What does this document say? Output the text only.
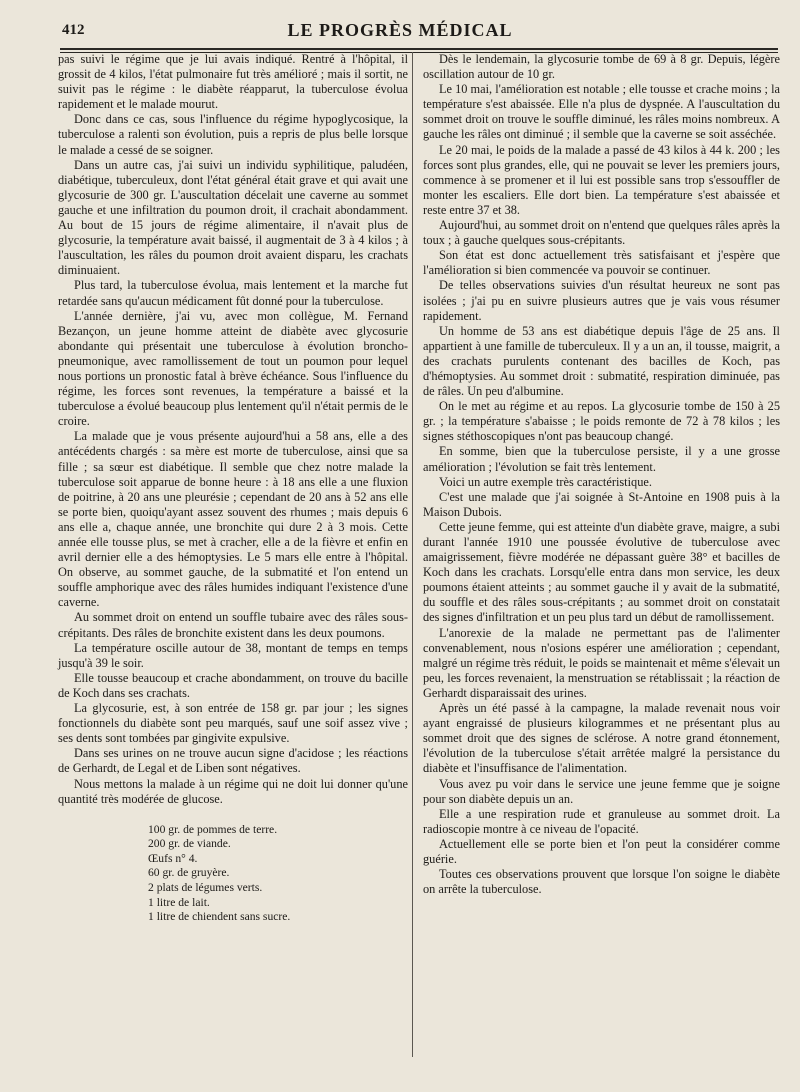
412	LE PROGRÈS MÉDICAL

pas suivi le régime que je lui avais indiqué. Rentré à l'hôpital, il grossit de 4 kilos, l'état pulmonaire fut très amélioré ; mais il sortit, ne suivit pas le régime : le diabète réapparut, la tuberculose évolua rapidement et le malade mourut.

Donc dans ce cas, sous l'influence du régime hypoglycosique, la tuberculose a ralenti son évolution, puis a repris de plus belle lorsque le malade a cessé de se soigner.

Dans un autre cas, j'ai suivi un individu syphilitique, paludéen, diabétique, tuberculeux, dont l'état général était grave et qui avait une glycosurie de 300 gr. L'auscultation décelait une caverne au sommet gauche et une infiltration du poumon droit, il crachait abondamment. Au bout de 15 jours de régime alimentaire, il n'avait plus de glycosurie, la température avait baissé, il augmentait de 3 à 4 kilos ; à l'auscultation, les râles du poumon droit avaient disparu, les crachats diminuaient.

Plus tard, la tuberculose évolua, mais lentement et la marche fut retardée sans qu'aucun médicament fût donné pour la tuberculose.

L'année dernière, j'ai vu, avec mon collègue, M. Fernand Bezançon, un jeune homme atteint de diabète avec glycosurie abondante qui présentait une tuberculose à évolution broncho-pneumonique, avec ramollissement de tout un poumon pour lequel nous portions un pronostic fatal à brève échéance. Sous l'influence du régime, les forces sont revenues, la température a baissé et la tuberculose a évolué beaucoup plus lentement qu'il n'était permis de le croire.

La malade que je vous présente aujourd'hui a 58 ans, elle a des antécédents chargés : sa mère est morte de tuberculose, ainsi que sa fille ; sa sœur est diabétique. Il semble que chez notre malade la tuberculose soit apparue de bonne heure : à 18 ans elle a une fluxion de poitrine, à 20 ans une pleurésie ; cependant de 20 ans à 52 ans elle se porte bien, quoiqu'ayant assez souvent des rhumes ; mais depuis 6 ans elle a, chaque année, une bronchite qui dure 2 à 3 mois. Cette année elle tousse plus, se met à cracher, elle a de la fièvre et enfin en avril dernier elle a des hémoptysies. Le 5 mars elle entre à l'hôpital. On observe, au sommet gauche, de la submatité et l'on entend un souffle amphorique avec des râles humides indiquant l'existence d'une caverne.

Au sommet droit on entend un souffle tubaire avec des râles sous-crépitants. Des râles de bronchite existent dans les deux poumons.

La température oscille autour de 38, montant de temps en temps jusqu'à 39 le soir.

Elle tousse beaucoup et crache abondamment, on trouve du bacille de Koch dans ses crachats.

La glycosurie, est, à son entrée de 158 gr. par jour ; les signes fonctionnels du diabète sont peu marqués, sauf une soif assez vive ; ses dents sont tombées par gingivite expulsive.

Dans ses urines on ne trouve aucun signe d'acidose ; les réactions de Gerhardt, de Legal et de Liben sont négatives.

Nous mettons la malade à un régime qui ne doit lui donner qu'une quantité très modérée de glucose.

100 gr. de pommes de terre.
200 gr. de viande.
Œufs n° 4.
60 gr. de gruyère.
2 plats de légumes verts.
1 litre de lait.
1 litre de chiendent sans sucre.

Dès le lendemain, la glycosurie tombe de 69 à 8 gr. Depuis, légère oscillation autour de 10 gr.

Le 10 mai, l'amélioration est notable ; elle tousse et crache moins ; la température s'est abaissée. Elle n'a plus de dyspnée. A l'auscultation du sommet droit on trouve le souffle diminué, les râles moins nombreux. A gauche les râles ont diminué ; il semble que la caverne se soit asséchée.

Le 20 mai, le poids de la malade a passé de 43 kilos à 44 k. 200 ; les forces sont plus grandes, elle, qui ne pouvait se lever les premiers jours, commence à se promener et il lui est possible sans trop s'essouffler de monter les escaliers. Elle dort bien. La température s'est abaissée et reste entre 37 et 38.

Aujourd'hui, au sommet droit on n'entend que quelques râles après la toux ; à gauche quelques sous-crépitants.

Son état est donc actuellement très satisfaisant et j'espère que l'amélioration si bien commencée va pouvoir se continuer.

De telles observations suivies d'un résultat heureux ne sont pas isolées ; j'ai pu en suivre plusieurs autres que je vais vous résumer rapidement.

Un homme de 53 ans est diabétique depuis l'âge de 25 ans. Il appartient à une famille de tuberculeux. Il y a un an, il tousse, maigrit, a des crachats purulents contenant des bacilles de Koch, pas d'hémoptysies. Au sommet droit : submatité, respiration diminuée, pas de râles. Un peu d'albumine.

On le met au régime et au repos. La glycosurie tombe de 150 à 25 gr. ; la température s'abaisse ; le poids remonte de 72 à 78 kilos ; les signes stéthoscopiques n'ont pas beaucoup changé.

En somme, bien que la tuberculose persiste, il y a une grosse amélioration ; l'évolution se fait très lentement.

Voici un autre exemple très caractéristique.

C'est une malade que j'ai soignée à St-Antoine en 1908 puis à la Maison Dubois.

Cette jeune femme, qui est atteinte d'un diabète grave, maigre, a subi durant l'année 1910 une poussée évolutive de tuberculose avec amaigrissement, fièvre modérée ne dépassant guère 38° et bacilles de Koch dans les crachats. Lorsqu'elle entra dans mon service, les deux poumons étaient atteints ; au sommet gauche il y avait de la submatité, du souffle et des râles sous-crépitants ; au sommet droit on constatait des signes d'infiltration et un peu plus tard un début de ramollissement.

L'anorexie de la malade ne permettant pas de l'alimenter convenablement, nous n'osions espérer une amélioration ; cependant, malgré un régime très réduit, le poids se maintenait et même s'élevait un peu, les forces revenaient, la menstruation se rétablissait ; la réaction de Gerhardt disparaissait des urines.

Après un été passé à la campagne, la malade revenait nous voir ayant engraissé de plusieurs kilogrammes et ne présentant plus au sommet droit que des signes de sclérose. A notre grand étonnement, l'évolution de la tuberculose s'était arrêtée malgré la persistance du diabète et l'insuffisance de l'alimentation.

Vous avez pu voir dans le service une jeune femme que je soigne pour son diabète depuis un an.

Elle a une respiration rude et granuleuse au sommet droit. La radioscopie montre à ce niveau de l'opacité.

Actuellement elle se porte bien et l'on peut la considérer comme guérie.

Toutes ces observations prouvent que lorsque l'on soigne le diabète on arrête la tuberculose.
